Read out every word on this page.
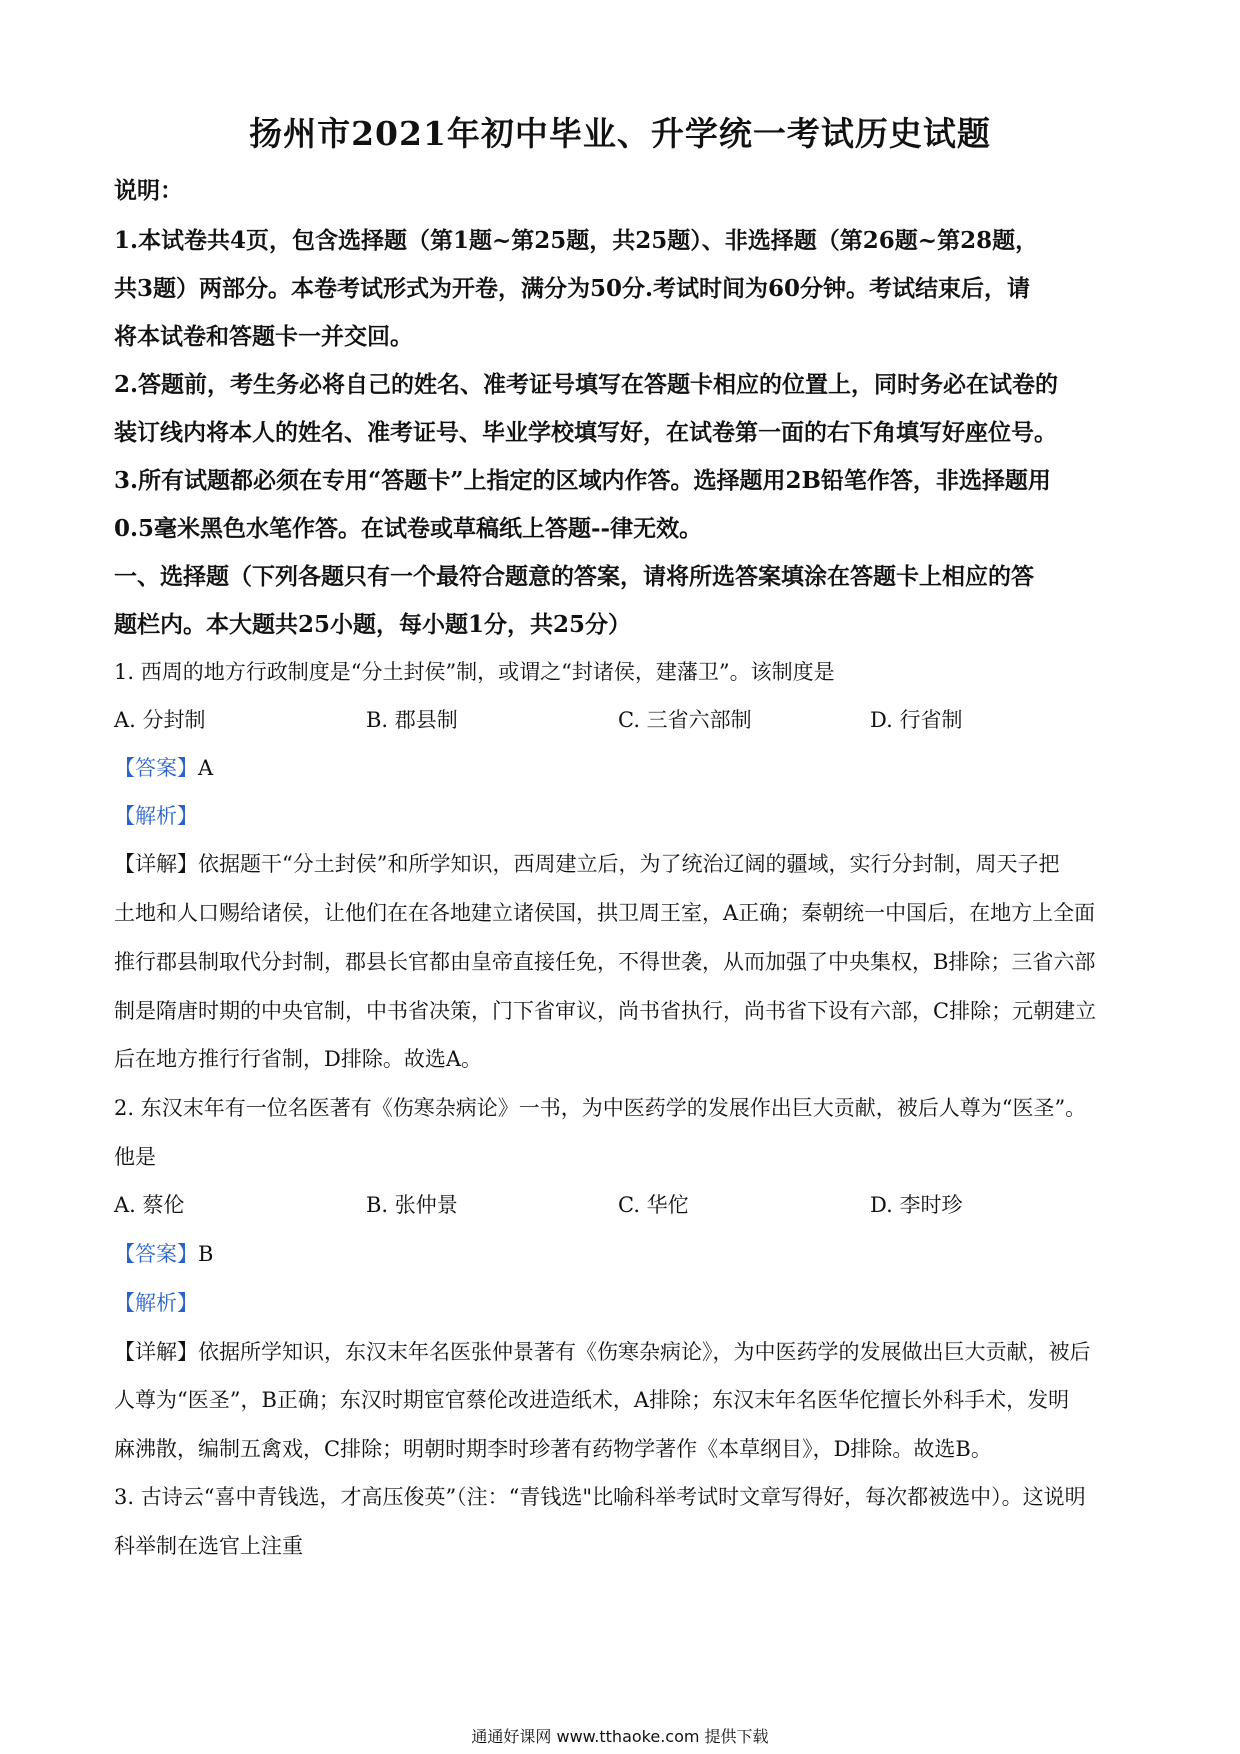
扬州市2021年初中毕业、升学统一考试历史试题
说明：
1.本试卷共4页，包含选择题（第1题~第25题，共25题）、非选择题（第26题~第28题，
共3题）两部分。本卷考试形式为开卷，满分为50分.考试时间为60分钟。考试结束后，请
将本试卷和答题卡一并交回。
2.答题前，考生务必将自己的姓名、准考证号填写在答题卡相应的位置上，同时务必在试卷的
装订线内将本人的姓名、准考证号、毕业学校填写好，在试卷第一面的右下角填写好座位号。
3.所有试题都必须在专用“答题卡”上指定的区域内作答。选择题用2B铅笔作答，非选择题用
0.5毫米黑色水笔作答。在试卷或草稿纸上答题--律无效。
一、选择题（下列各题只有一个最符合题意的答案，请将所选答案填涂在答题卡上相应的答
题栏内。本大题共25小题，每小题1分，共25分）
1. 西周的地方行政制度是“分土封侯”制，或谓之“封诸侯，建藩卫”。该制度是
A. 分封制	B. 郡县制	C. 三省六部制	D. 行省制
【答案】A
【解析】
【详解】依据题干“分土封侯”和所学知识，西周建立后，为了统治辽阔的疆域，实行分封制，周天子把
土地和人口赐给诸侯，让他们在在各地建立诸侯国，拱卫周王室，A正确；秦朝统一中国后，在地方上全面
推行郡县制取代分封制，郡县长官都由皇帝直接任免，不得世袭，从而加强了中央集权，B排除；三省六部
制是隋唐时期的中央官制，中书省决策，门下省审议，尚书省执行，尚书省下设有六部，C排除；元朝建立
后在地方推行行省制，D排除。故选A。
2. 东汉末年有一位名医著有《伤寒杂病论》一书，为中医药学的发展作出巨大贡献，被后人尊为“医圣”。
他是
A. 蔡伦	B. 张仲景	C. 华佗	D. 李时珍
【答案】B
【解析】
【详解】依据所学知识，东汉末年名医张仲景著有《伤寒杂病论》，为中医药学的发展做出巨大贡献，被后
人尊为“医圣”，B正确；东汉时期宦官蔡伦改进造纸术，A排除；东汉末年名医华佗擅长外科手术，发明
麻沸散，编制五禽戏，C排除；明朝时期李时珍著有药物学著作《本草纲目》，D排除。故选B。
3. 古诗云“喜中青钱选，才高压俊英”（注：“青钱选"比喻科举考试时文章写得好，每次都被选中）。这说明
科举制在选官上注重
通通好课网 www.tthaoke.com 提供下载
